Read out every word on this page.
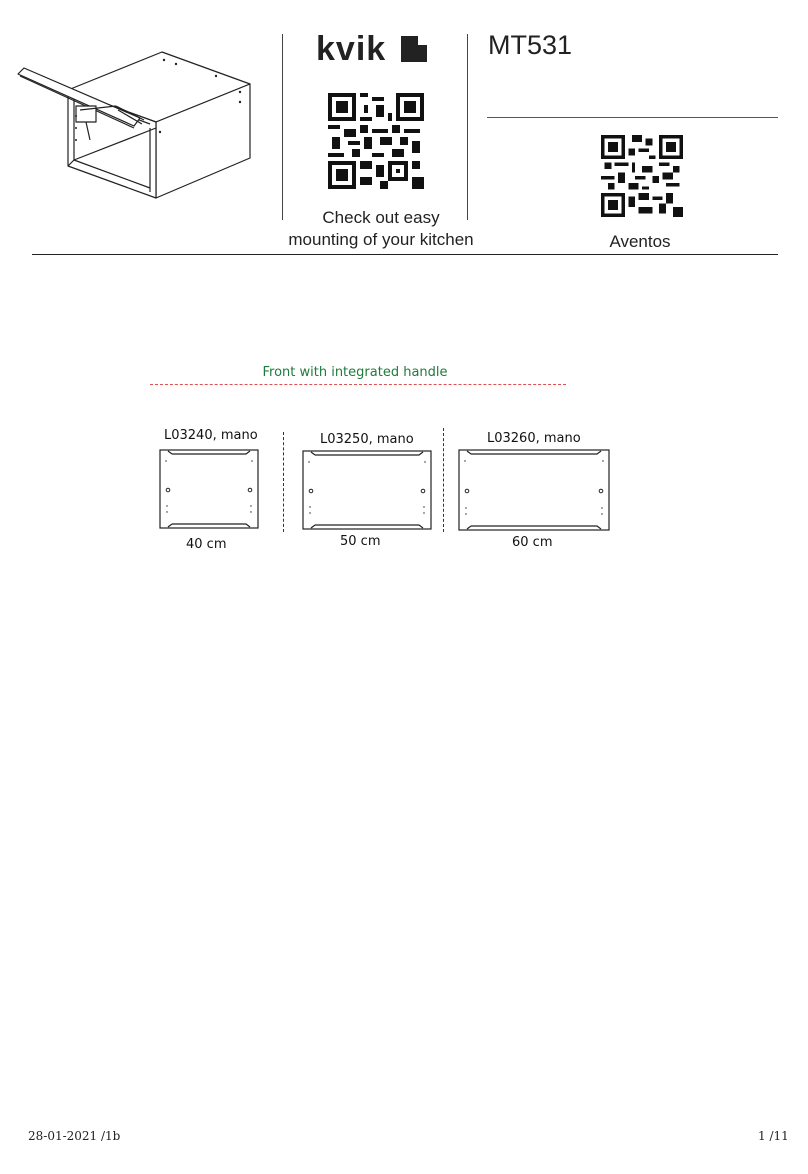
kvik
Check out easy
mounting of your kitchen
MT531
Aventos
Front with integrated handle
L03240, mano
40 cm
L03250, mano
50 cm
L03260, mano
60 cm
28-01-2021 /1b	1 /11
